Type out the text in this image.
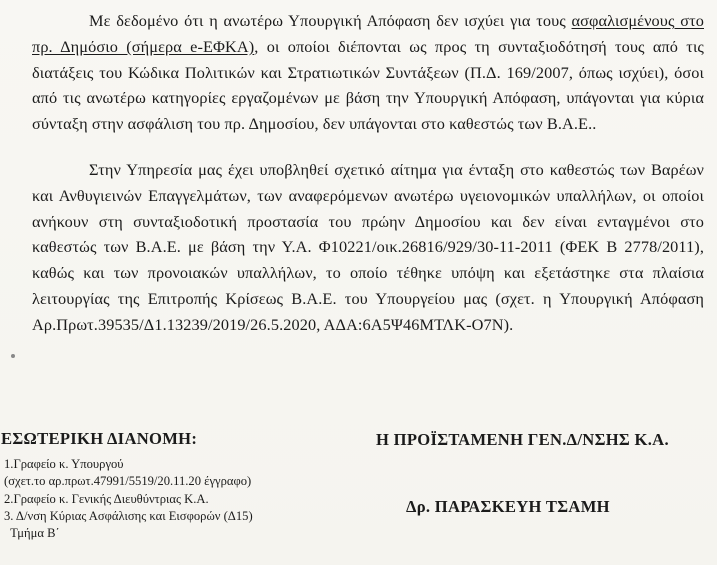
Με δεδομένο ότι η ανωτέρω Υπουργική Απόφαση δεν ισχύει για τους ασφαλισμένους στο πρ. Δημόσιο (σήμερα e-ΕΦΚΑ), οι οποίοι διέπονται ως προς τη συνταξιοδότησή τους από τις διατάξεις του Κώδικα Πολιτικών και Στρατιωτικών Συντάξεων (Π.Δ. 169/2007, όπως ισχύει), όσοι από τις ανωτέρω κατηγορίες εργαζομένων με βάση την Υπουργική Απόφαση, υπάγονται για κύρια σύνταξη στην ασφάλιση του πρ. Δημοσίου, δεν υπάγονται στο καθεστώς των Β.Α.Ε..
Στην Υπηρεσία μας έχει υποβληθεί σχετικό αίτημα για ένταξη στο καθεστώς των Βαρέων και Ανθυγιεινών Επαγγελμάτων, των αναφερόμενων ανωτέρω υγειονομικών υπαλλήλων, οι οποίοι ανήκουν στη συνταξιοδοτική προστασία του πρώην Δημοσίου και δεν είναι ενταγμένοι στο καθεστώς των Β.Α.Ε. με βάση την Υ.Α. Φ10221/οικ.26816/929/30-11-2011 (ΦΕΚ Β 2778/2011), καθώς και των προνοιακών υπαλλήλων, το οποίο τέθηκε υπόψη και εξετάστηκε στα πλαίσια λειτουργίας της Επιτροπής Κρίσεως Β.Α.Ε. του Υπουργείου μας (σχετ. η Υπουργική Απόφαση Αρ.Πρωτ.39535/Δ1.13239/2019/26.5.2020, ΑΔΑ:6Α5Ψ46ΜΤΛΚ-Ο7Ν).
ΕΣΩΤΕΡΙΚΗ ΔΙΑΝΟΜΗ:
1.Γραφείο κ. Υπουργού
(σχετ.το αρ.πρωτ.47991/5519/20.11.20 έγγραφο)
2.Γραφείο κ. Γενικής Διευθύντριας Κ.Α.
3. Δ/νση Κύριας Ασφάλισης και Εισφορών (Δ15)
Τμήμα Β΄
Η ΠΡΟΪΣΤΑΜΕΝΗ ΓΕΝ.Δ/ΝΣΗΣ Κ.Α.
Δρ. ΠΑΡΑΣΚΕΥΗ ΤΣΑΜΗ
